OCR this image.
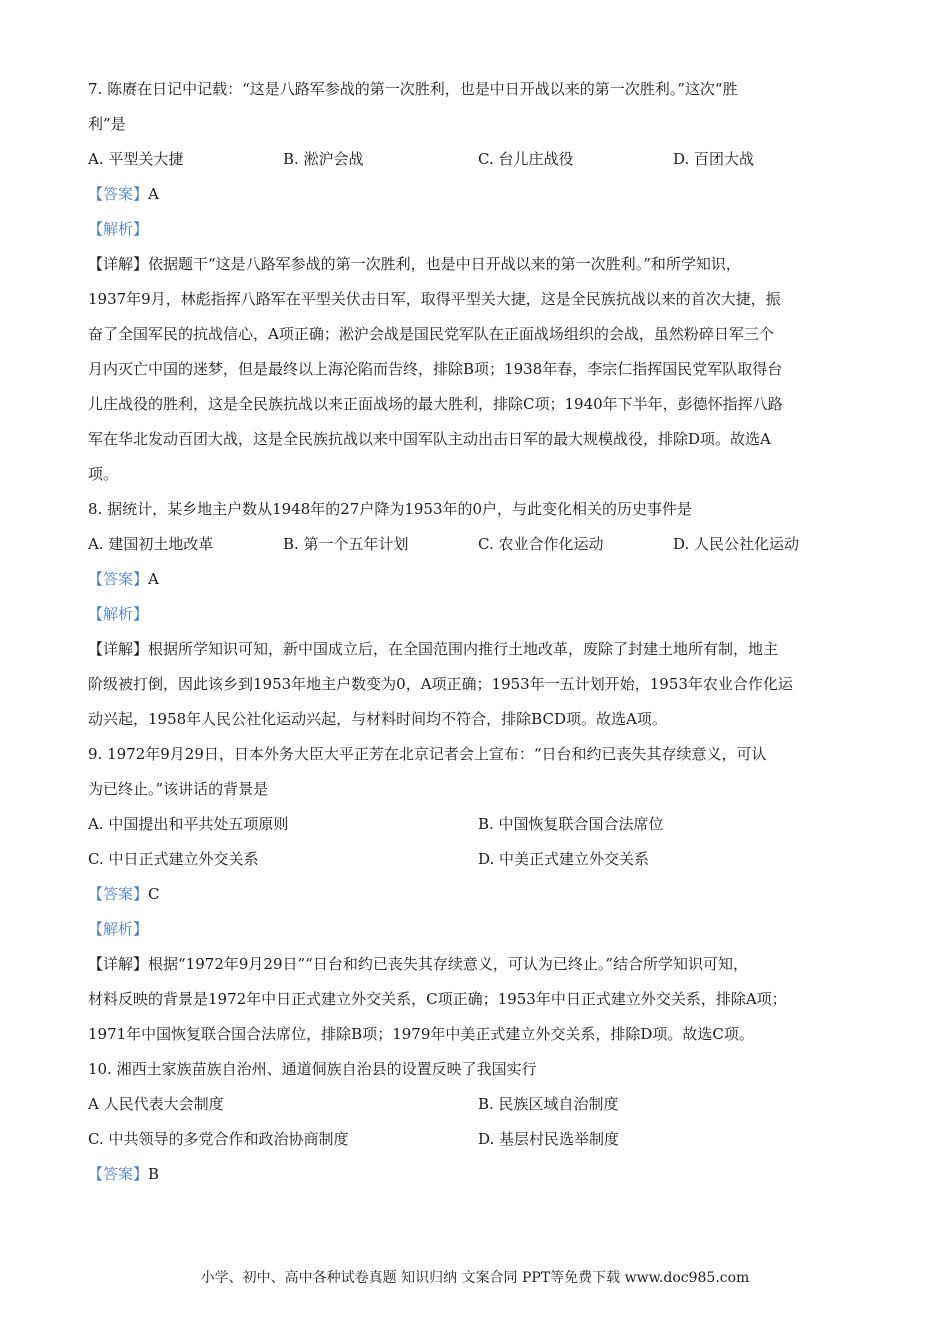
7. 陈赓在日记中记载：“这是八路军参战的第一次胜利，也是中日开战以来的第一次胜利。”这次“胜
利”是
A. 平型关大捷	B. 淞沪会战	C. 台儿庄战役	D. 百团大战
【答案】A
【解析】
【详解】依据题干“这是八路军参战的第一次胜利，也是中日开战以来的第一次胜利。”和所学知识，
1937年9月，林彪指挥八路军在平型关伏击日军，取得平型关大捷，这是全民族抗战以来的首次大捷，振
奋了全国军民的抗战信心，A项正确；淞沪会战是国民党军队在正面战场组织的会战，虽然粉碎日军三个
月内灭亡中国的迷梦，但是最终以上海沦陷而告终，排除B项；1938年春，李宗仁指挥国民党军队取得台
儿庄战役的胜利，这是全民族抗战以来正面战场的最大胜利，排除C项；1940年下半年，彭德怀指挥八路
军在华北发动百团大战，这是全民族抗战以来中国军队主动出击日军的最大规模战役，排除D项。故选A
项。
8. 据统计，某乡地主户数从1948年的27户降为1953年的0户，与此变化相关的历史事件是
A. 建国初土地改革	B. 第一个五年计划	C. 农业合作化运动	D. 人民公社化运动
【答案】A
【解析】
【详解】根据所学知识可知，新中国成立后，在全国范围内推行土地改革，废除了封建土地所有制，地主
阶级被打倒，因此该乡到1953年地主户数变为0，A项正确；1953年一五计划开始，1953年农业合作化运
动兴起，1958年人民公社化运动兴起，与材料时间均不符合，排除BCD项。故选A项。
9. 1972年9月29日，日本外务大臣大平正芳在北京记者会上宣布：“日台和约已丧失其存续意义，可认
为已终止。”该讲话的背景是
A. 中国提出和平共处五项原则	B. 中国恢复联合国合法席位
C. 中日正式建立外交关系	D. 中美正式建立外交关系
【答案】C
【解析】
【详解】根据“1972年9月29日”“日台和约已丧失其存续意义，可认为已终止。”结合所学知识可知，
材料反映的背景是1972年中日正式建立外交关系，C项正确；1953年中日正式建立外交关系，排除A项；
1971年中国恢复联合国合法席位，排除B项；1979年中美正式建立外交关系，排除D项。故选C项。
10. 湘西土家族苗族自治州、通道侗族自治县的设置反映了我国实行
A 人民代表大会制度	B. 民族区域自治制度
C. 中共领导的多党合作和政治协商制度	D. 基层村民选举制度
【答案】B
小学、初中、高中各种试卷真题 知识归纳 文案合同 PPT等免费下载 www.doc985.com
